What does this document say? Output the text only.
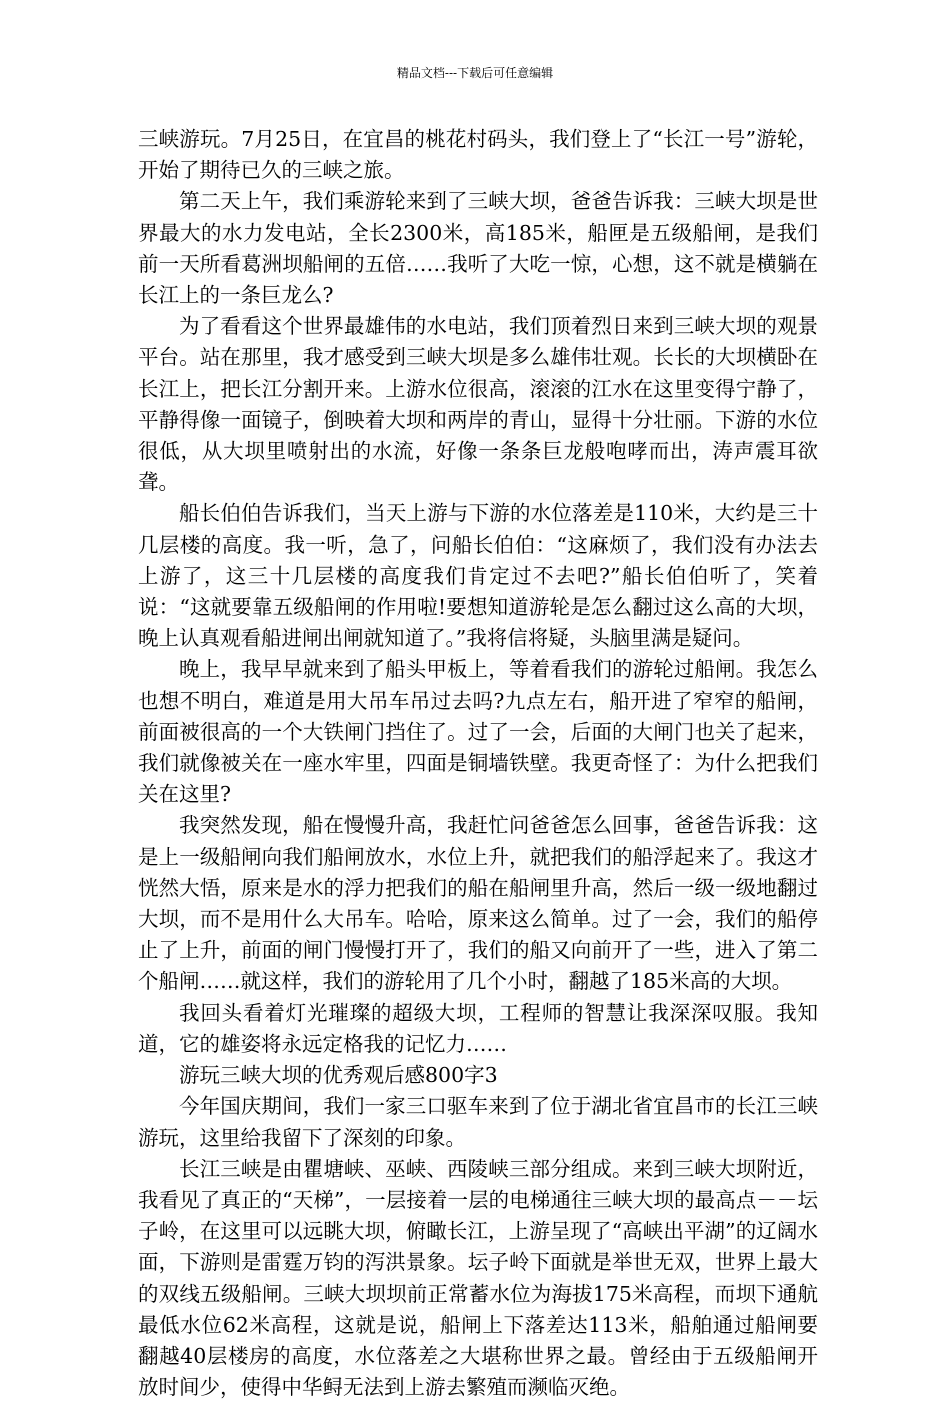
精品文档---下载后可任意编辑

三峡游玩。7月25日，在宜昌的桃花村码头，我们登上了“长江一号”游轮，开始了期待已久的三峡之旅。

第二天上午，我们乘游轮来到了三峡大坝，爸爸告诉我：三峡大坝是世界最大的水力发电站，全长2300米，高185米，船匣是五级船闸，是我们前一天所看葛洲坝船闸的五倍……我听了大吃一惊，心想，这不就是横躺在长江上的一条巨龙么?

为了看看这个世界最雄伟的水电站，我们顶着烈日来到三峡大坝的观景平台。站在那里，我才感受到三峡大坝是多么雄伟壮观。长长的大坝横卧在长江上，把长江分割开来。上游水位很高，滚滚的江水在这里变得宁静了，平静得像一面镜子，倒映着大坝和两岸的青山，显得十分壮丽。下游的水位很低，从大坝里喷射出的水流，好像一条条巨龙般咆哮而出，涛声震耳欲聋。

船长伯伯告诉我们，当天上游与下游的水位落差是110米，大约是三十几层楼的高度。我一听，急了，问船长伯伯：“这麻烦了，我们没有办法去上游了，这三十几层楼的高度我们肯定过不去吧?”船长伯伯听了，笑着说：“这就要靠五级船闸的作用啦!要想知道游轮是怎么翻过这么高的大坝，晚上认真观看船进闸出闸就知道了。”我将信将疑，头脑里满是疑问。

晚上，我早早就来到了船头甲板上，等着看我们的游轮过船闸。我怎么也想不明白，难道是用大吊车吊过去吗?九点左右，船开进了窄窄的船闸，前面被很高的一个大铁闸门挡住了。过了一会，后面的大闸门也关了起来，我们就像被关在一座水牢里，四面是铜墙铁壁。我更奇怪了：为什么把我们关在这里?

我突然发现，船在慢慢升高，我赶忙问爸爸怎么回事，爸爸告诉我：这是上一级船闸向我们船闸放水，水位上升，就把我们的船浮起来了。我这才恍然大悟，原来是水的浮力把我们的船在船闸里升高，然后一级一级地翻过大坝，而不是用什么大吊车。哈哈，原来这么简单。过了一会，我们的船停止了上升，前面的闸门慢慢打开了，我们的船又向前开了一些，进入了第二个船闸……就这样，我们的游轮用了几个小时，翻越了185米高的大坝。

我回头看着灯光璀璨的超级大坝，工程师的智慧让我深深叹服。我知道，它的雄姿将永远定格我的记忆力……

游玩三峡大坝的优秀观后感800字3

今年国庆期间，我们一家三口驱车来到了位于湖北省宜昌市的长江三峡游玩，这里给我留下了深刻的印象。

长江三峡是由瞿塘峡、巫峡、西陵峡三部分组成。来到三峡大坝附近，我看见了真正的“天梯”，一层接着一层的电梯通往三峡大坝的最高点－－坛子岭，在这里可以远眺大坝，俯瞰长江，上游呈现了“高峡出平湖”的辽阔水面，下游则是雷霆万钧的泻洪景象。坛子岭下面就是举世无双，世界上最大的双线五级船闸。三峡大坝坝前正常蓄水位为海拔175米高程，而坝下通航最低水位62米高程，这就是说，船闸上下落差达113米，船舶通过船闸要翻越40层楼房的高度，水位落差之大堪称世界之最。曾经由于五级船闸开放时间少，使得中华鲟无法到上游去繁殖而濒临灭绝。
